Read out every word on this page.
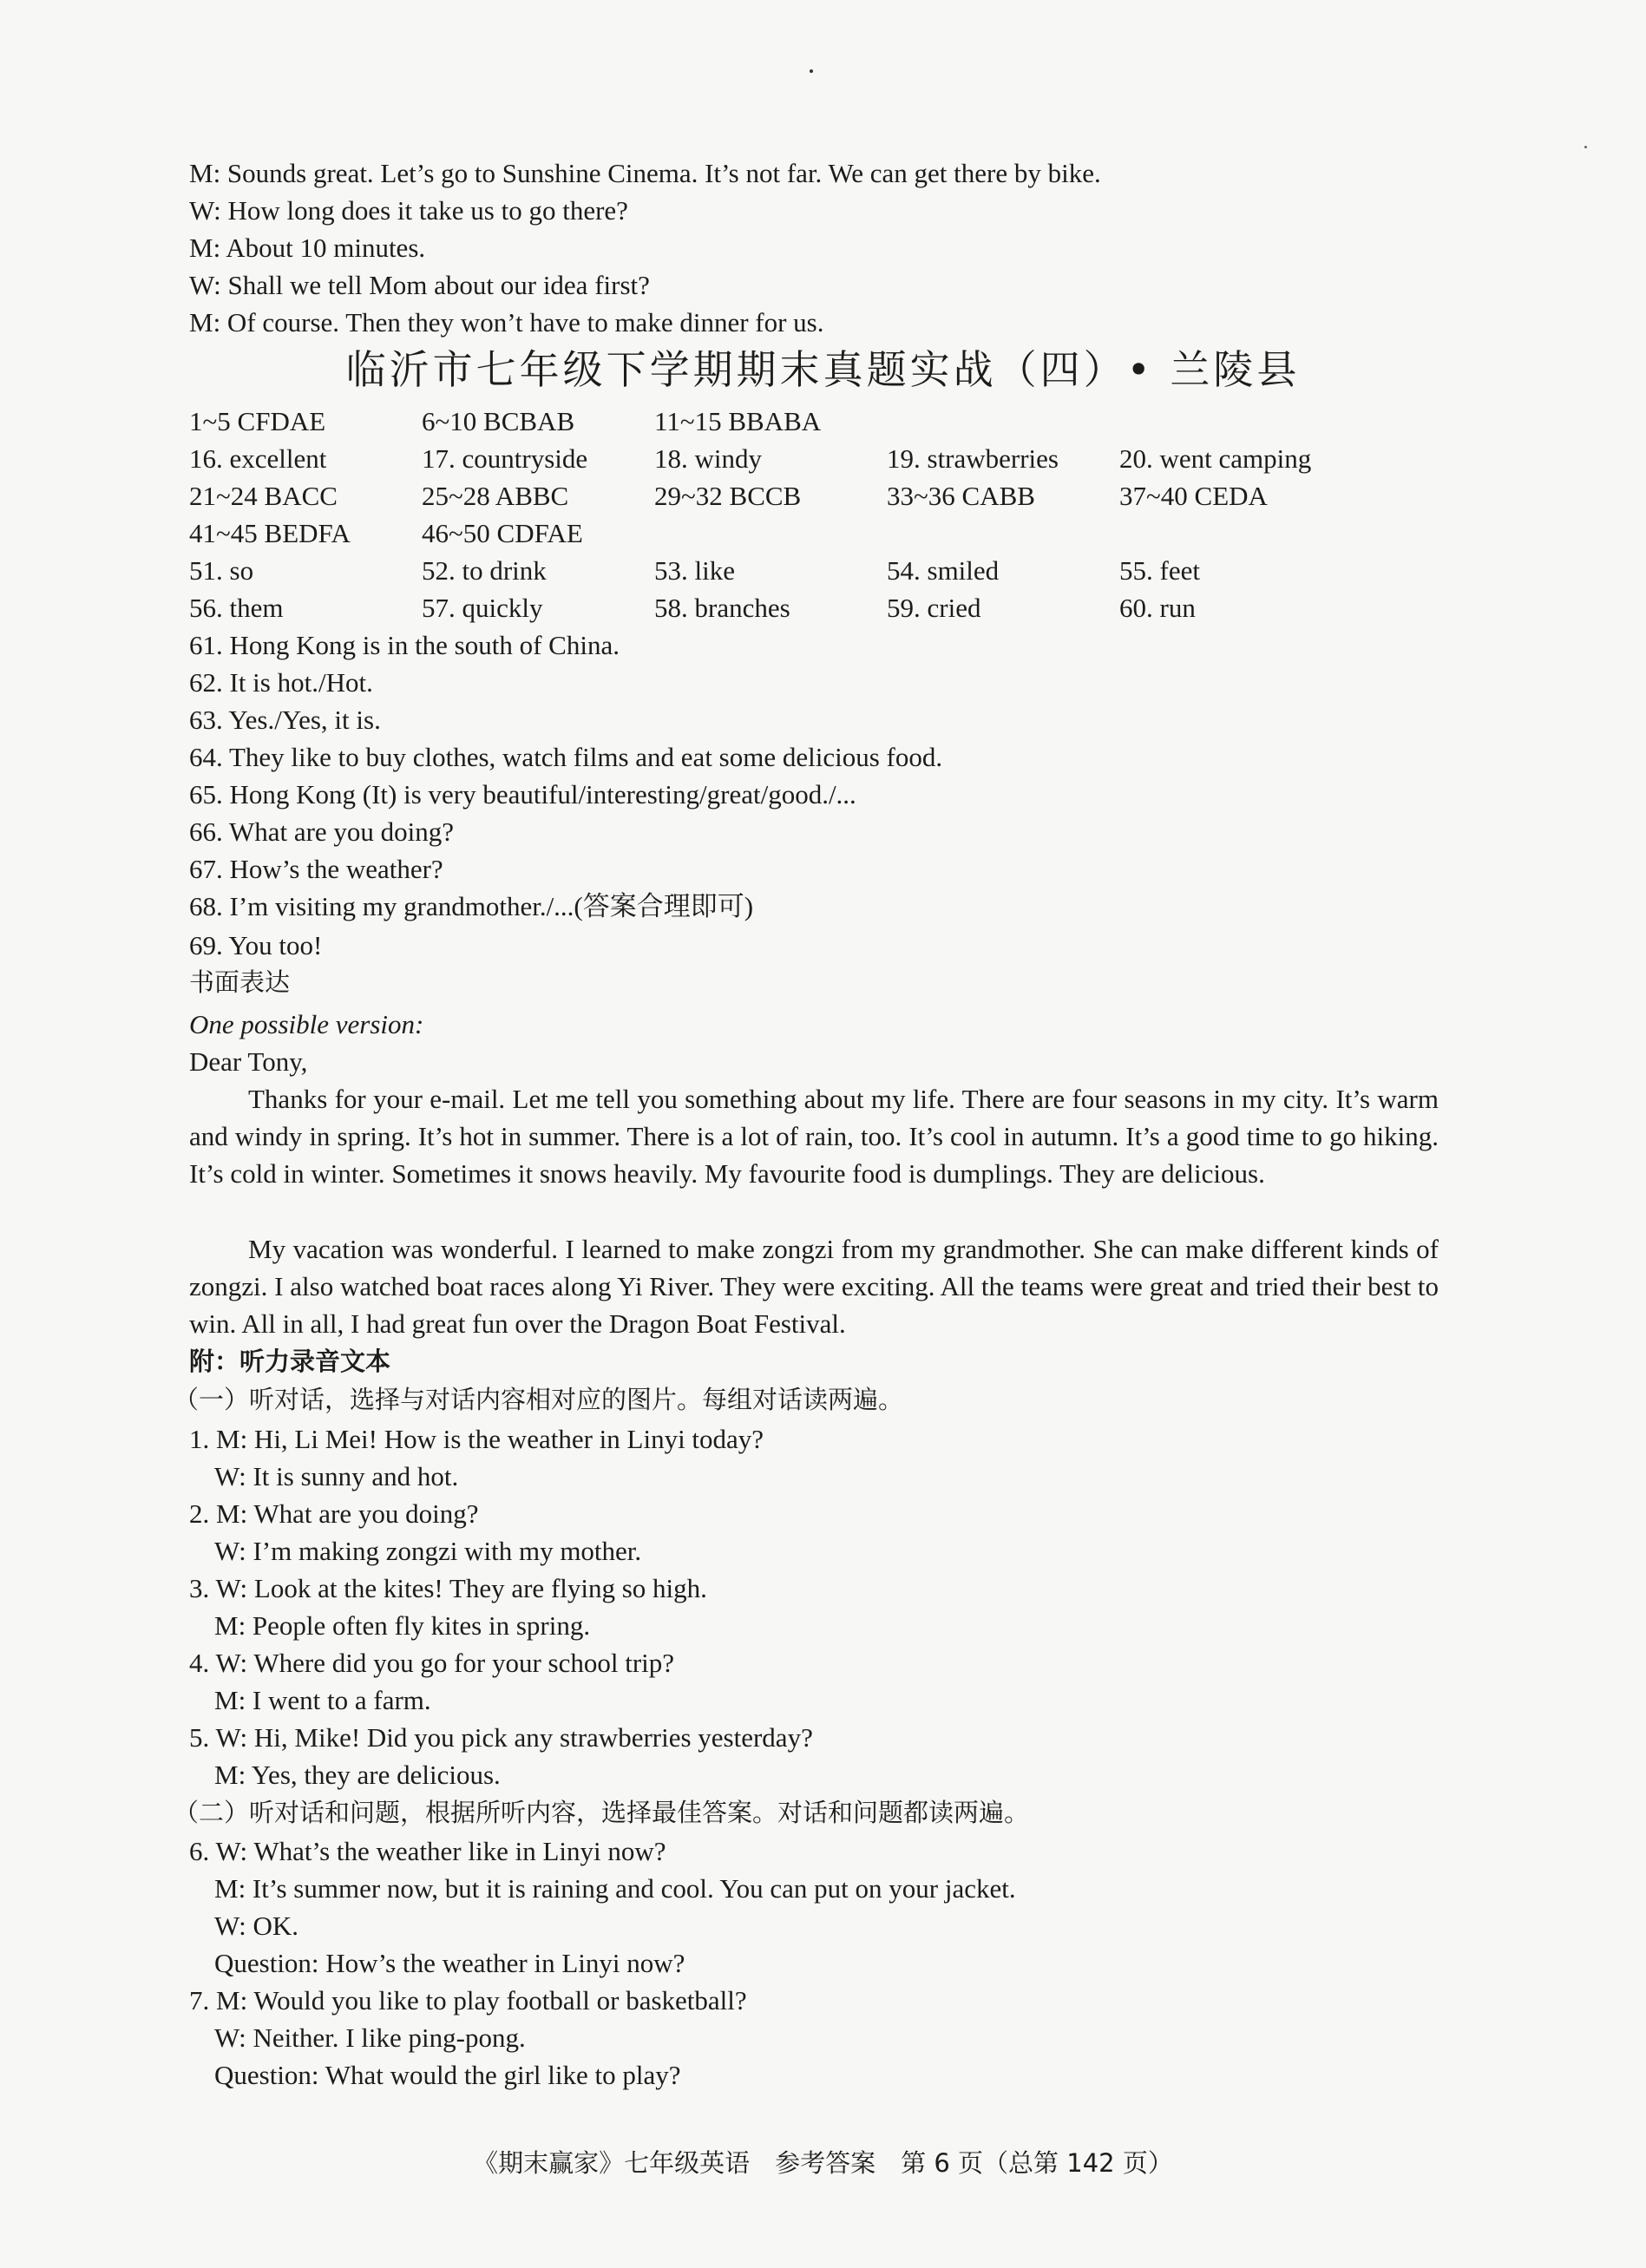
M: Sounds great. Let’s go to Sunshine Cinema. It’s not far. We can get there by bike.
W: How long does it take us to go there?
M: About 10 minutes.
W: Shall we tell Mom about our idea first?
M: Of course. Then they won’t have to make dinner for us.
临沂市七年级下学期期末真题实战（四）• 兰陵县
1~5 CFDAE	6~10 BCBAB	11~15 BBABA
16. excellent	17. countryside 18. windy	19. strawberries 20. went camping
21~24 BACC	25~28 ABBC	29~32 BCCB	33~36 CABB	37~40 CEDA
41~45 BEDFA	46~50 CDFAE
51. so	52. to drink	53. like	54. smiled	55. feet
56. them	57. quickly	58. branches	59. cried	60. run
61. Hong Kong is in the south of China.
62. It is hot./Hot.
63. Yes./Yes, it is.
64. They like to buy clothes, watch films and eat some delicious food.
65. Hong Kong (It) is very beautiful/interesting/great/good./...
66. What are you doing?
67. How’s the weather?
68. I’m visiting my grandmother./...(答案合理即可)
69. You too!
书面表达
One possible version:
Dear Tony,
Thanks for your e-mail. Let me tell you something about my life. There are four seasons in my city. It’s warm and windy in spring. It’s hot in summer. There is a lot of rain, too. It’s cool in autumn. It’s a good time to go hiking. It’s cold in winter. Sometimes it snows heavily. My favourite food is dumplings. They are delicious.
My vacation was wonderful. I learned to make zongzi from my grandmother. She can make different kinds of zongzi. I also watched boat races along Yi River. They were exciting. All the teams were great and tried their best to win. All in all, I had great fun over the Dragon Boat Festival.
附：听力录音文本
（一）听对话，选择与对话内容相对应的图片。每组对话读两遍。
1. M: Hi, Li Mei! How is the weather in Linyi today?
W: It is sunny and hot.
2. M: What are you doing?
W: I’m making zongzi with my mother.
3. W: Look at the kites! They are flying so high.
M: People often fly kites in spring.
4. W: Where did you go for your school trip?
M: I went to a farm.
5. W: Hi, Mike! Did you pick any strawberries yesterday?
M: Yes, they are delicious.
（二）听对话和问题，根据所听内容，选择最佳答案。对话和问题都读两遍。
6. W: What’s the weather like in Linyi now?
M: It’s summer now, but it is raining and cool. You can put on your jacket.
W: OK.
Question: How’s the weather in Linyi now?
7. M: Would you like to play football or basketball?
W: Neither. I like ping-pong.
Question: What would the girl like to play?
《期末赢家》七年级英语　参考答案　第 6 页（总第 142 页）
